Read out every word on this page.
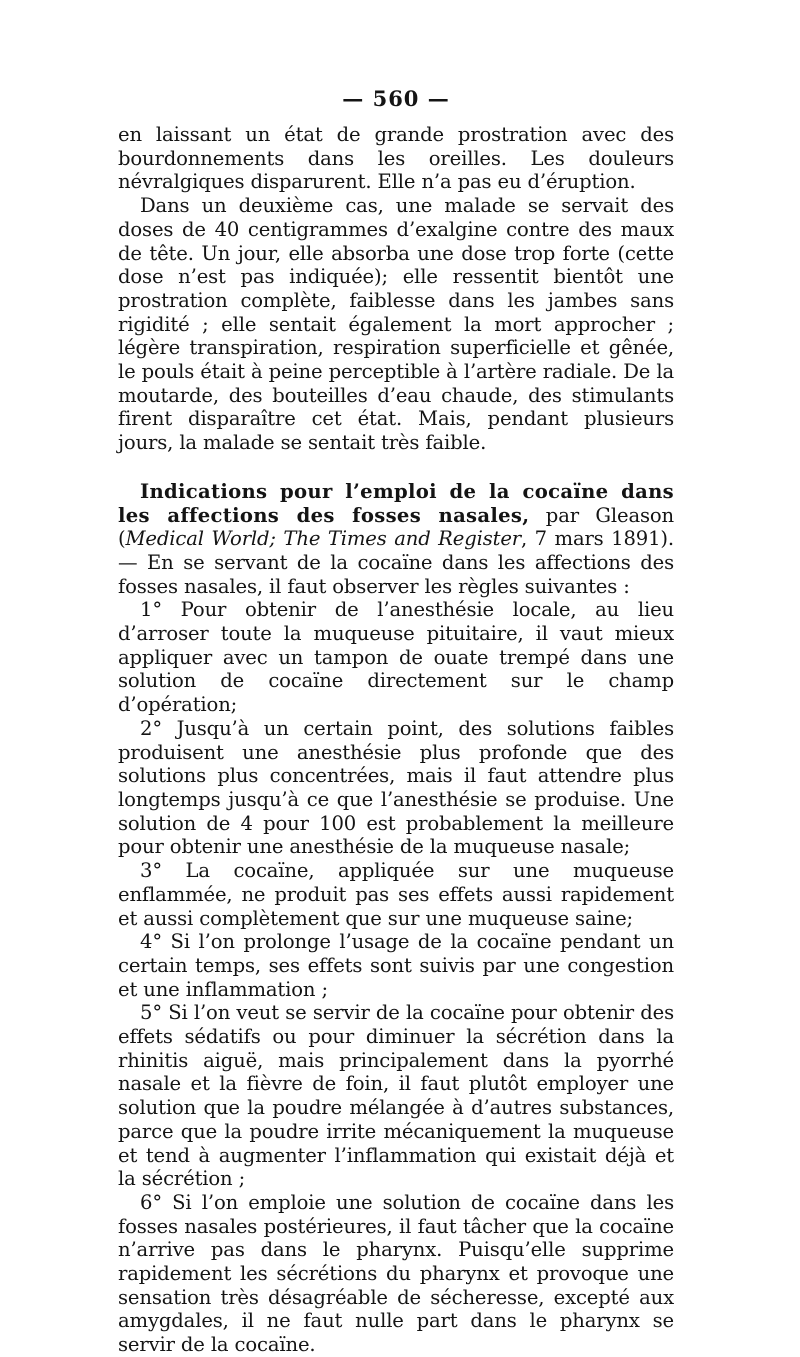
— 560 —

en laissant un état de grande prostration avec des bourdonnements dans les oreilles. Les douleurs névralgiques disparurent. Elle n’a pas eu d’éruption.

Dans un deuxième cas, une malade se servait des doses de 40 centigrammes d’exalgine contre des maux de tête. Un jour, elle absorba une dose trop forte (cette dose n’est pas indiquée); elle ressentit bientôt une prostration complète, faiblesse dans les jambes sans rigidité ; elle sentait également la mort approcher ; légère transpiration, respiration superficielle et gênée, le pouls était à peine perceptible à l’artère radiale. De la moutarde, des bouteilles d’eau chaude, des stimulants firent disparaître cet état. Mais, pendant plusieurs jours, la malade se sentait très faible.

Indications pour l’emploi de la cocaïne dans les affections des fosses nasales, par Gleason (Medical World; The Times and Register, 7 mars 1891). — En se servant de la cocaïne dans les affections des fosses nasales, il faut observer les règles suivantes :

1° Pour obtenir de l’anesthésie locale, au lieu d’arroser toute la muqueuse pituitaire, il vaut mieux appliquer avec un tampon de ouate trempé dans une solution de cocaïne directement sur le champ d’opération;

2° Jusqu’à un certain point, des solutions faibles produisent une anesthésie plus profonde que des solutions plus concentrées, mais il faut attendre plus longtemps jusqu’à ce que l’anesthésie se produise. Une solution de 4 pour 100 est probablement la meilleure pour obtenir une anesthésie de la muqueuse nasale;

3° La cocaïne, appliquée sur une muqueuse enflammée, ne produit pas ses effets aussi rapidement et aussi complètement que sur une muqueuse saine;

4° Si l’on prolonge l’usage de la cocaïne pendant un certain temps, ses effets sont suivis par une congestion et une inflammation ;

5° Si l’on veut se servir de la cocaïne pour obtenir des effets sédatifs ou pour diminuer la sécrétion dans la rhinitis aiguë, mais principalement dans la pyorrhé nasale et la fièvre de foin, il faut plutôt employer une solution que la poudre mélangée à d’autres substances, parce que la poudre irrite mécaniquement la muqueuse et tend à augmenter l’inflammation qui existait déjà et la sécrétion ;

6° Si l’on emploie une solution de cocaïne dans les fosses nasales postérieures, il faut tâcher que la cocaïne n’arrive pas dans le pharynx. Puisqu’elle supprime rapidement les sécrétions du pharynx et provoque une sensation très désagréable de sécheresse, excepté aux amygdales, il ne faut nulle part dans le pharynx se servir de la cocaïne.
